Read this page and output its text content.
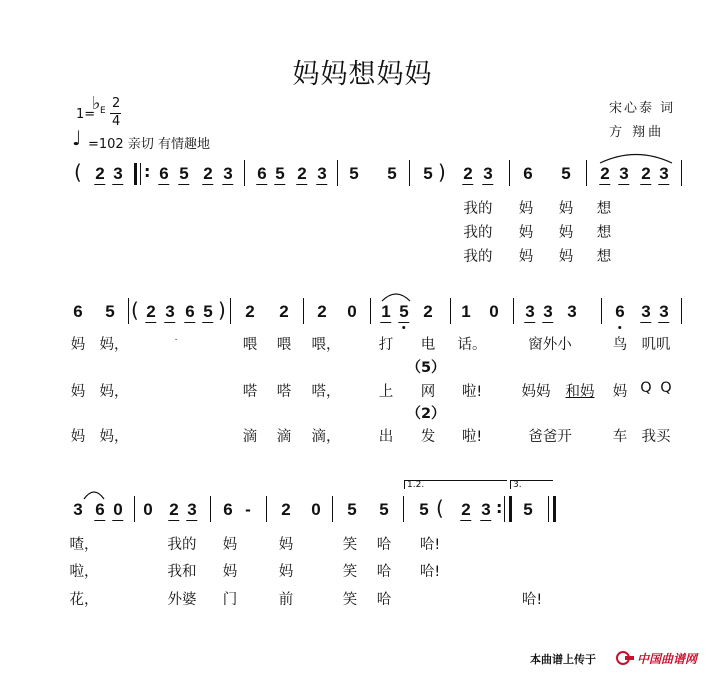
妈妈想妈妈
1=
♭ E 2
4
♩ =102 亲切 有情趣地
宋心泰 词
方 翔曲
( 2 3 : 6 5 2 3 6 5 2 3 5 5 5 ) 2 3 6 5 2 3 2 3
我的 妈 妈 想
我的 妈 妈 想
我的 妈 妈 想
6 5 ( 2 3 6 5 ) 2 2 2 0 1 5 2 1 0 3 3 3 6 3 3
妈 妈，	.	喂 喂 喂，	打 电 话。	窗外小	鸟 叽叽
（5）
妈 妈，	嗒 嗒 嗒，	上 网 啦!	妈妈 和妈 妈 Q Q
（2）
妈 妈，	滴 滴 滴，	出 发 啦!	爸爸开	车 我买
3 6 0 0 2 3 6 - 2 0 5 5
1.2.
5 ( 2 3 :
3.
5
喳，	我的 妈	妈	笑 哈 哈!
啦，	我和 妈	妈	笑 哈 哈!
花，	外婆 门	前	笑 哈	哈!
本曲谱上传于	中国曲谱网
